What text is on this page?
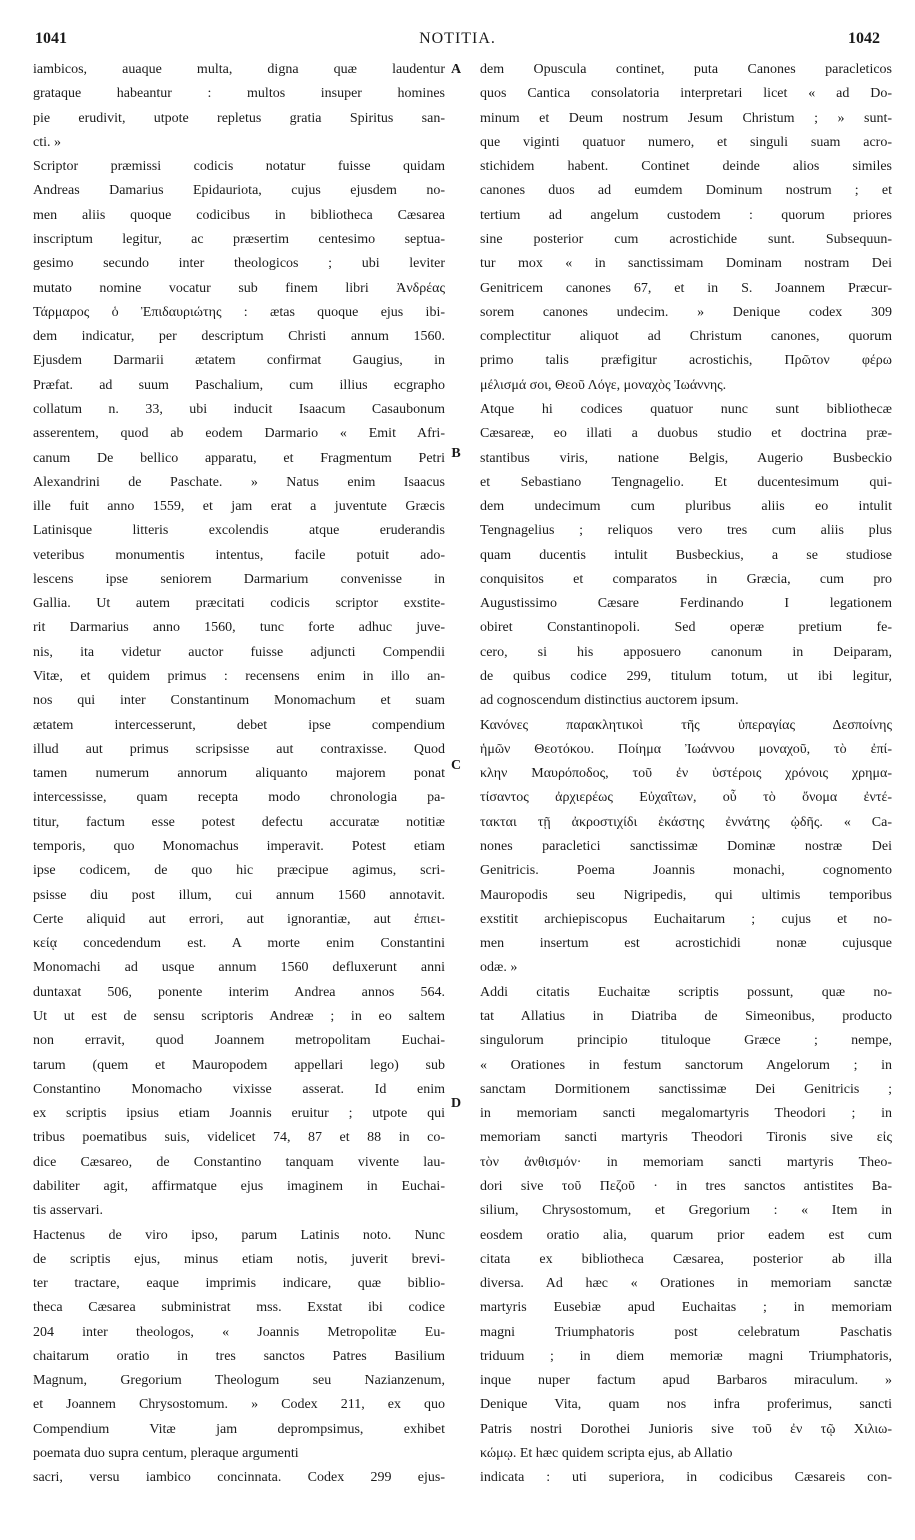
1041	NOTITIA.	1042
A
B
C
D
iambicos, auaque multa, digna quæ laudentur
grataque habeantur : multos insuper homines
pie erudivit, utpote repletus gratia Spiritus san-
cti. »
Scriptor præmissi codicis notatur fuisse quidam
Andreas Damarius Epidauriota, cujus ejusdem no-
men aliis quoque codicibus in bibliotheca Cæsarea
inscriptum legitur, ac præsertim centesimo septua-
gesimo secundo inter theologicos ; ubi leviter
mutato nomine vocatur sub finem libri Ἀνδρέας
Τάρμαρος ὁ Ἐπιδαυριώτης : ætas quoque ejus ibi-
dem indicatur, per descriptum Christi annum 1560.
Ejusdem Darmarii ætatem confirmat Gaugius, in
Præfat. ad suum Paschalium, cum illius ecgrapho
collatum n. 33, ubi inducit Isaacum Casaubonum
asserentem, quod ab eodem Darmario « Emit Afri-
canum De bellico apparatu, et Fragmentum Petri
Alexandrini de Paschate. » Natus enim Isaacus
ille fuit anno 1559, et jam erat a juventute Græcis
Latinisque litteris excolendis atque eruderandis
veteribus monumentis intentus, facile potuit ado-
lescens ipse seniorem Darmarium convenisse in
Gallia. Ut autem præcitati codicis scriptor exstite-
rit Darmarius anno 1560, tunc forte adhuc juve-
nis, ita videtur auctor fuisse adjuncti Compendii
Vitæ, et quidem primus : recensens enim in illo an-
nos qui inter Constantinum Monomachum et suam
ætatem intercesserunt, debet ipse compendium
illud aut primus scripsisse aut contraxisse. Quod
tamen numerum annorum aliquanto majorem ponat
intercessisse, quam recepta modo chronologia pa-
titur, factum esse potest defectu accuratæ notitiæ
temporis, quo Monomachus imperavit. Potest etiam
ipse codicem, de quo hic præcipue agimus, scri-
psisse diu post illum, cui annum 1560 annotavit.
Certe aliquid aut errori, aut ignorantiæ, aut ἐπιει-
κείᾳ concedendum est. A morte enim Constantini
Monomachi ad usque annum 1560 defluxerunt anni
duntaxat 506, ponente interim Andrea annos 564.
Ut ut est de sensu scriptoris Andreæ ; in eo saltem
non erravit, quod Joannem metropolitam Euchai-
tarum (quem et Mauropodem appellari lego) sub
Constantino Monomacho vixisse asserat. Id enim
ex scriptis ipsius etiam Joannis eruitur ; utpote qui
tribus poematibus suis, videlicet 74, 87 et 88 in co-
dice Cæsareo, de Constantino tanquam vivente lau-
dabiliter agit, affirmatque ejus imaginem in Euchai-
tis asservari.
Hactenus de viro ipso, parum Latinis noto. Nunc
de scriptis ejus, minus etiam notis, juverit brevi-
ter tractare, eaque imprimis indicare, quæ biblio-
theca Cæsarea subministrat mss. Exstat ibi codice
204 inter theologos, « Joannis Metropolitæ Eu-
chaitarum oratio in tres sanctos Patres Basilium
Magnum, Gregorium Theologum seu Nazianzenum,
et Joannem Chrysostomum. » Codex 211, ex quo
Compendium Vitæ jam deprompsimus, exhibet
poemata duo supra centum, pleraque argumenti
sacri, versu iambico concinnata. Codex 299 ejus-
dem Opuscula continet, puta Canones paracleticos
quos Cantica consolatoria interpretari licet « ad Do-
minum et Deum nostrum Jesum Christum ; » sunt-
que viginti quatuor numero, et singuli suam acro-
stichidem habent. Continet deinde alios similes
canones duos ad eumdem Dominum nostrum ; et
tertium ad angelum custodem : quorum priores
sine posterior cum acrostichide sunt. Subsequun-
tur mox « in sanctissimam Dominam nostram Dei
Genitricem canones 67, et in S. Joannem Præcur-
sorem canones undecim. » Denique codex 309
complectitur aliquot ad Christum canones, quorum
primo talis præfigitur acrostichis, Πρῶτον φέρω
μέλισμά σοι, Θεοῦ Λόγε, μοναχὸς Ἰωάννης.
Atque hi codices quatuor nunc sunt bibliothecæ
Cæsareæ, eo illati a duobus studio et doctrina præ-
stantibus viris, natione Belgis, Augerio Busbeckio
et Sebastiano Tengnagelio. Et ducentesimum qui-
dem undecimum cum pluribus aliis eo intulit
Tengnagelius ; reliquos vero tres cum aliis plus
quam ducentis intulit Busbeckius, a se studiose
conquisitos et comparatos in Græcia, cum pro
Augustissimo Cæsare Ferdinando I legationem
obiret Constantinopoli. Sed operæ pretium fe-
cero, si his apposuero canonum in Deiparam,
de quibus codice 299, titulum totum, ut ibi legitur,
ad cognoscendum distinctius auctorem ipsum.
Κανόνες παρακλητικοὶ τῆς ὑπεραγίας Δεσποίνης
ἡμῶν Θεοτόκου. Ποίημα Ἰωάννου μοναχοῦ, τὸ ἐπί-
κλην Μαυρόποδος, τοῦ ἐν ὑστέροις χρόνοις χρημα-
τίσαντος ἀρχιερέως Εὐχαΐτων, οὗ τὸ ὄνομα ἐντέ-
τακται τῇ ἀκροστιχίδι ἑκάστης ἐννάτης ᾠδῆς. « Ca-
nones paracletici sanctissimæ Dominæ nostræ Dei
Genitricis. Poema Joannis monachi, cognomento
Mauropodis seu Nigripedis, qui ultimis temporibus
exstitit archiepiscopus Euchaitarum ; cujus et no-
men insertum est acrostichidi nonæ cujusque
odæ. »
Addi citatis Euchaitæ scriptis possunt, quæ no-
tat Allatius in Diatriba de Simeonibus, producto
singulorum principio tituloque Græce ; nempe,
« Orationes in festum sanctorum Angelorum ; in
sanctam Dormitionem sanctissimæ Dei Genitricis ;
in memoriam sancti megalomartyris Theodori ; in
memoriam sancti martyris Theodori Tironis sive εἰς
τὸν ἀνθισμόν· in memoriam sancti martyris Theo-
dori sive τοῦ Πεζοῦ · in tres sanctos antistites Ba-
silium, Chrysostomum, et Gregorium : « Item in
eosdem oratio alia, quarum prior eadem est cum
citata ex bibliotheca Cæsarea, posterior ab illa
diversa. Ad hæc « Orationes in memoriam sanctæ
martyris Eusebiæ apud Euchaitas ; in memoriam
magni Triumphatoris post celebratum Paschatis
triduum ; in diem memoriæ magni Triumphatoris,
inque nuper factum apud Barbaros miraculum. »
Denique Vita, quam nos infra proferimus, sancti
Patris nostri Dorothei Junioris sive τοῦ ἐν τῷ Χιλιω-
κώμῳ. Et hæc quidem scripta ejus, ab Allatio
indicata : uti superiora, in codicibus Cæsareis con-
